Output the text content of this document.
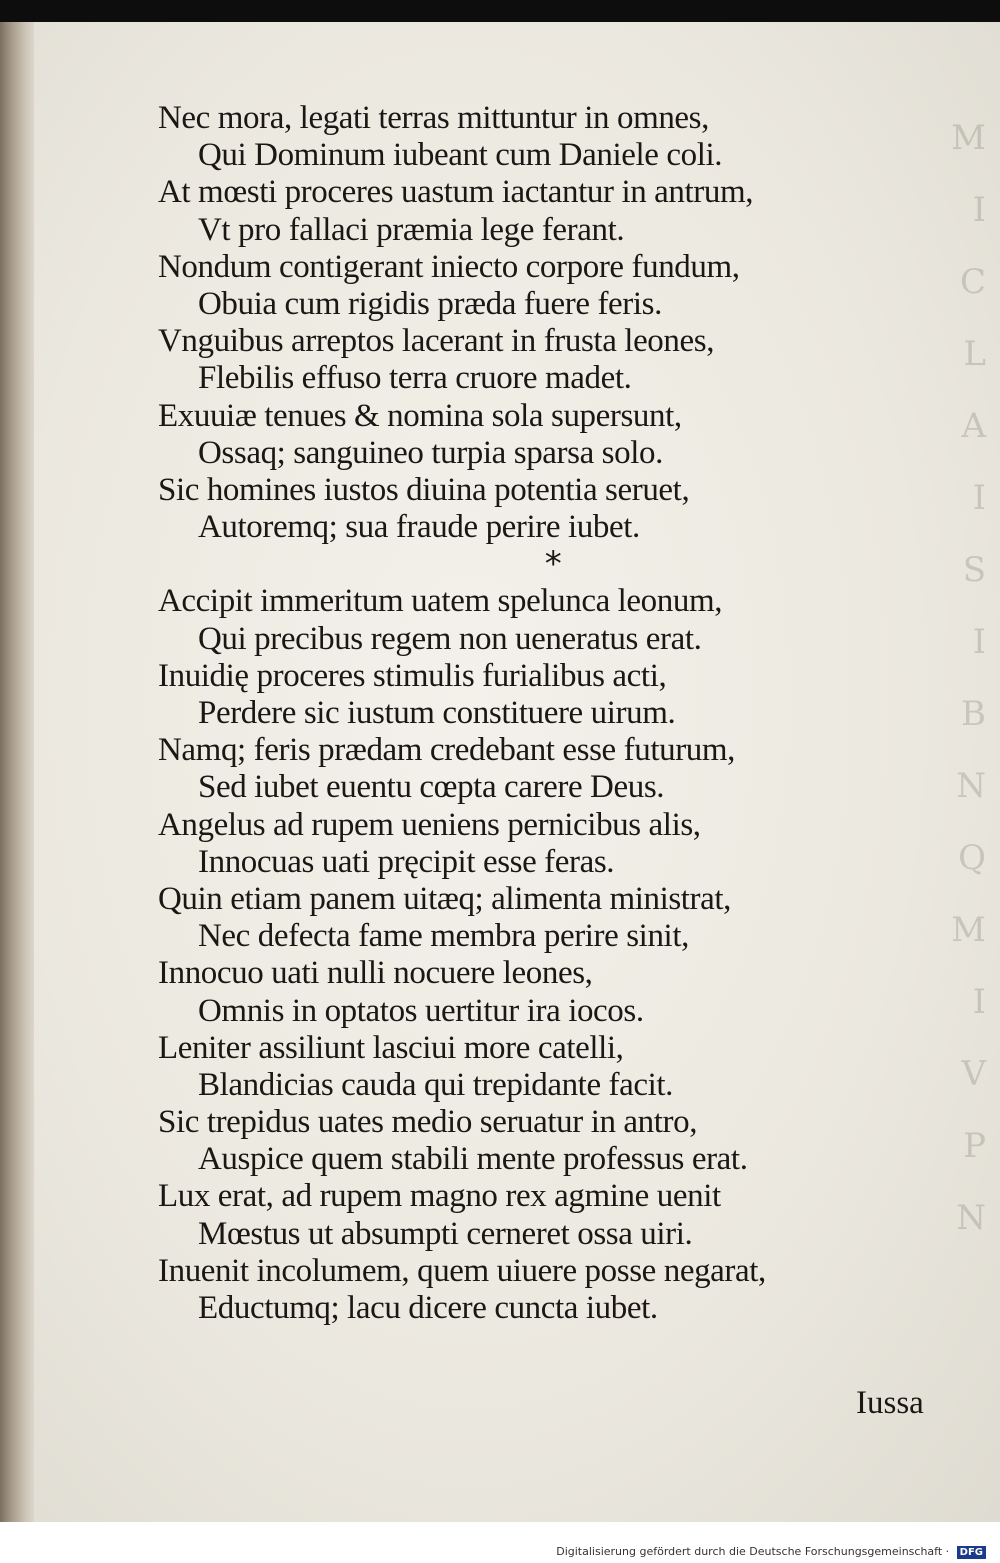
M
I
C
L
A
I
S
I
B
N
Q
M
I
V
P
N
Nec mora, legati terras mittuntur in omnes,
Qui Dominum iubeant cum Daniele coli.
At mœsti proceres uastum iactantur in antrum,
Vt pro fallaci præmia lege ferant.
Nondum contigerant iniecto corpore fundum,
Obuia cum rigidis præda fuere feris.
Vnguibus arreptos lacerant in frusta leones,
Flebilis effuso terra cruore madet.
Exuuiæ tenues & nomina sola supersunt,
Ossaq; sanguineo turpia sparsa solo.
Sic homines iustos diuina potentia seruet,
Autoremq; sua fraude perire iubet.
*
Accipit immeritum uatem spelunca leonum,
Qui precibus regem non ueneratus erat.
Inuidię proceres stimulis furialibus acti,
Perdere sic iustum constituere uirum.
Namq; feris prædam credebant esse futurum,
Sed iubet euentu cœpta carere Deus.
Angelus ad rupem ueniens pernicibus alis,
Innocuas uati pręcipit esse feras.
Quin etiam panem uitæq; alimenta ministrat,
Nec defecta fame membra perire sinit,
Innocuo uati nulli nocuere leones,
Omnis in optatos uertitur ira iocos.
Leniter assiliunt lasciui more catelli,
Blandicias cauda qui trepidante facit.
Sic trepidus uates medio seruatur in antro,
Auspice quem stabili mente professus erat.
Lux erat, ad rupem magno rex agmine uenit
Mœstus ut absumpti cerneret ossa uiri.
Inuenit incolumem, quem uiuere posse negarat,
Eductumq; lacu dicere cuncta iubet.
Iussa
Digitalisierung gefördert durch die Deutsche Forschungsgemeinschaft · DFG
